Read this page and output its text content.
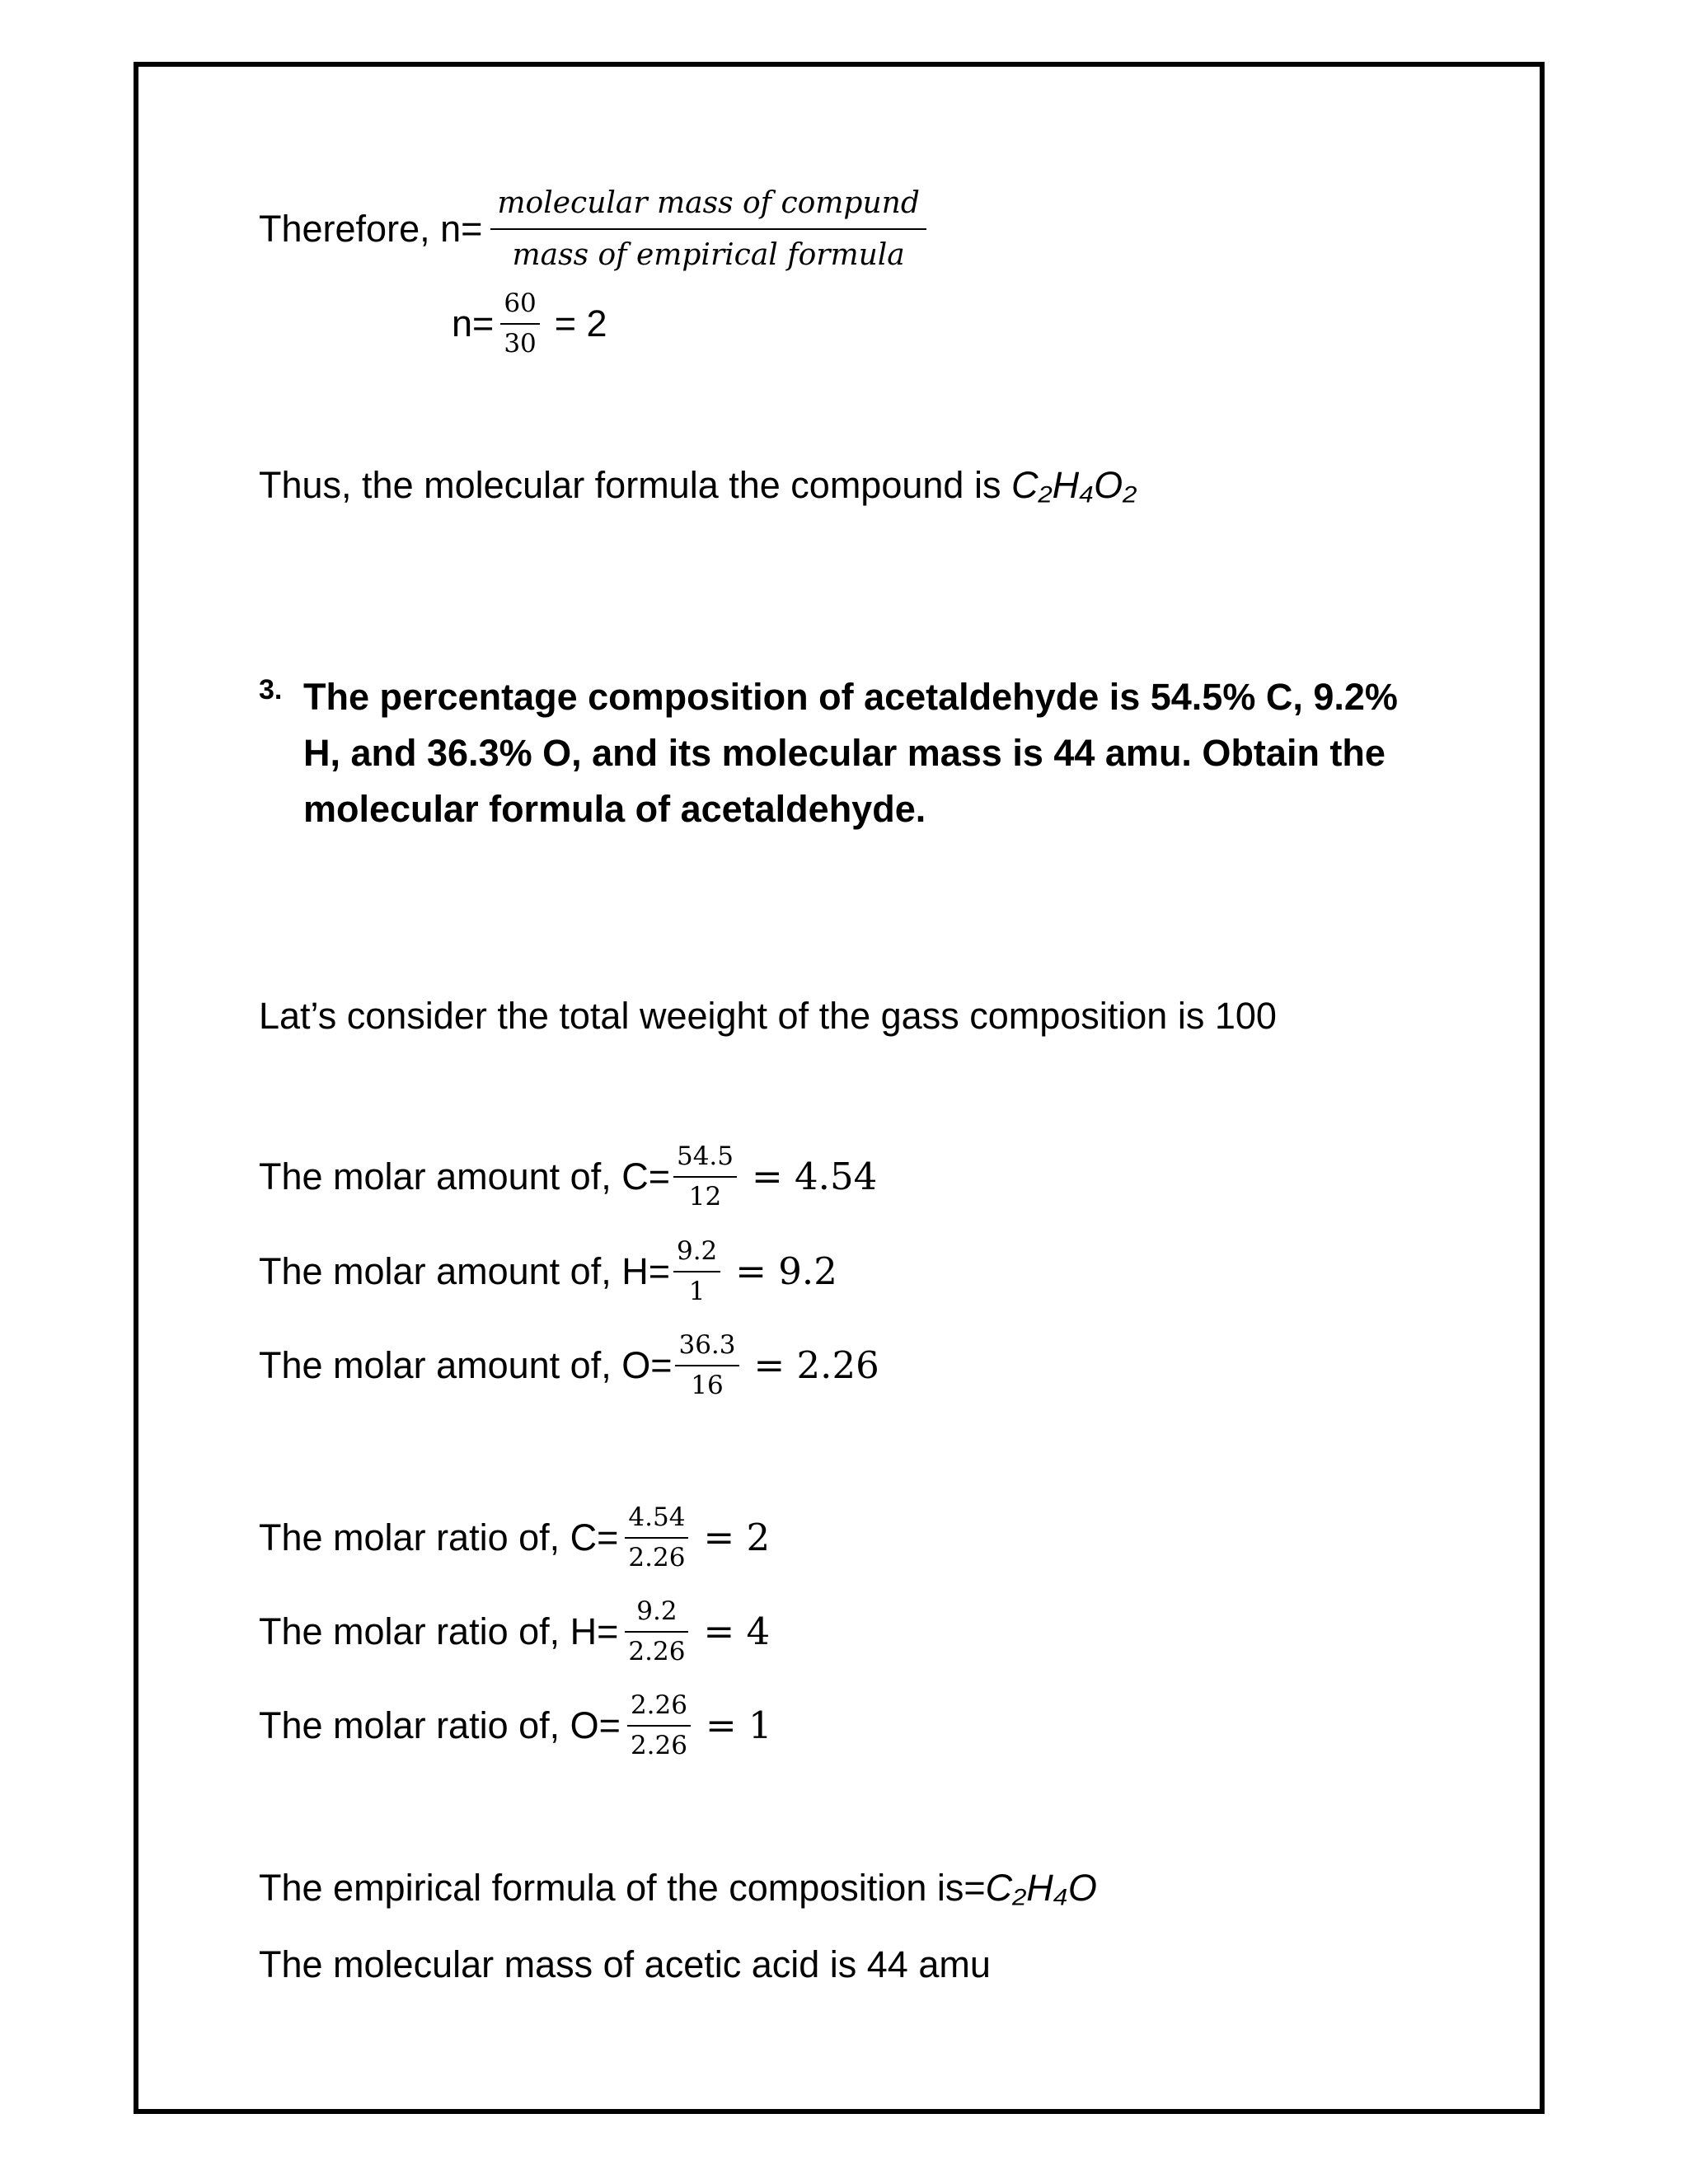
Therefore, $n= \frac{\text{molecular mass of compund}}{\text{mass of empirical formula}}$
$n= \frac{60}{30} = 2$
Thus, the molecular formula the compound is C₂H₄O₂
3. The percentage composition of acetaldehyde is 54.5% C, 9.2% H, and 36.3% O, and its molecular mass is 44 amu. Obtain the molecular formula of acetaldehyde.
Lat’s consider the total weeight of the gass composition is 100
The molar amount of, $C= \frac{54.5}{12} = 4.54$
The molar amount of, $H= \frac{9.2}{1} = 9.2$
The molar amount of, $O= \frac{36.3}{16} = 2.26$
The molar ratio of, $C= \frac{4.54}{2.26} = 2$
The molar ratio of, $H= \frac{9.2}{2.26} = 4$
The molar ratio of, $O= \frac{2.26}{2.26} = 1$
The empirical formula of the composition is=C₂H₄O
The molecular mass of acetic acid is 44 amu
